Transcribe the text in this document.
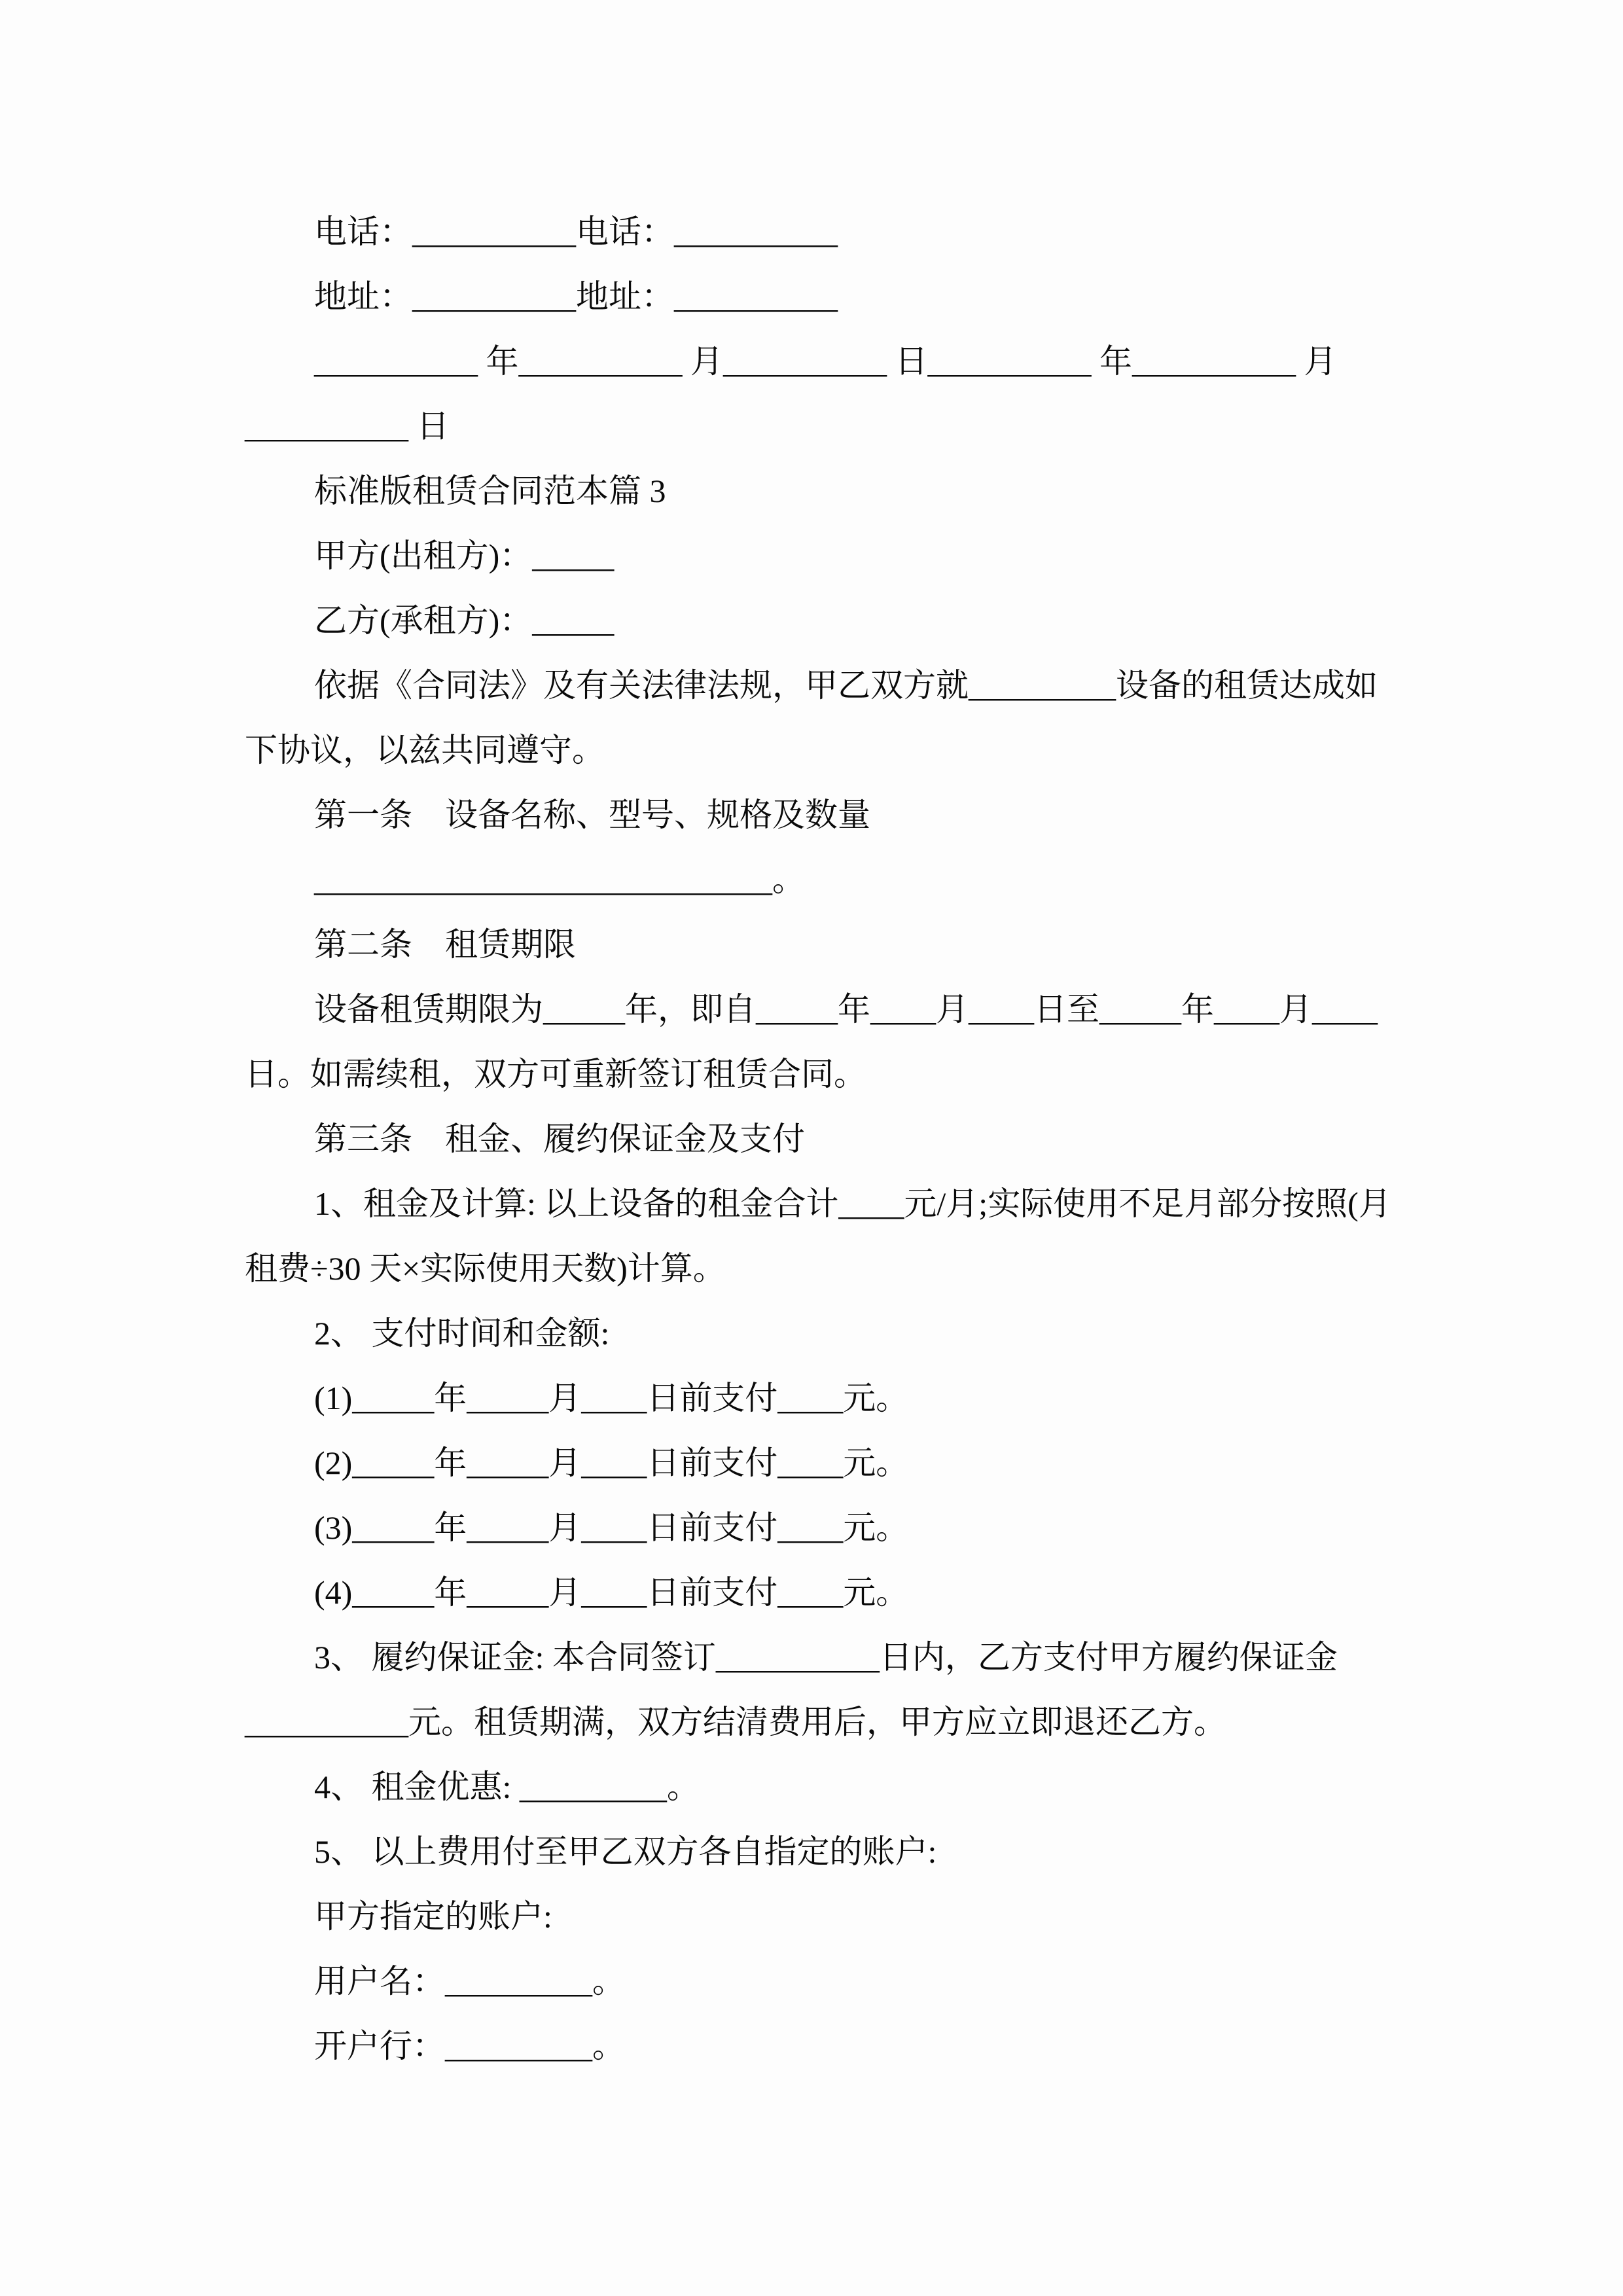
电话：__________电话：__________
地址：__________地址：__________
__________ 年__________ 月__________ 日__________ 年__________ 月
__________ 日
标准版租赁合同范本篇 3
甲方(出租方)：_____
乙方(承租方)：_____
依据《合同法》及有关法律法规，甲乙双方就_________设备的租赁达成如
下协议，以兹共同遵守。
第一条　设备名称、型号、规格及数量
____________________________。
第二条　租赁期限
设备租赁期限为_____年，即自_____年____月____日至_____年____月____
日。如需续租，双方可重新签订租赁合同。
第三条　租金、履约保证金及支付
1、租金及计算: 以上设备的租金合计____元/月;实际使用不足月部分按照(月
租费÷30 天×实际使用天数)计算。
2、 支付时间和金额:
(1)_____年_____月____日前支付____元。
(2)_____年_____月____日前支付____元。
(3)_____年_____月____日前支付____元。
(4)_____年_____月____日前支付____元。
3、 履约保证金: 本合同签订__________日内，乙方支付甲方履约保证金
__________元。租赁期满，双方结清费用后，甲方应立即退还乙方。
4、 租金优惠: _________。
5、 以上费用付至甲乙双方各自指定的账户:
甲方指定的账户:
用户名：_________。
开户行：_________。
